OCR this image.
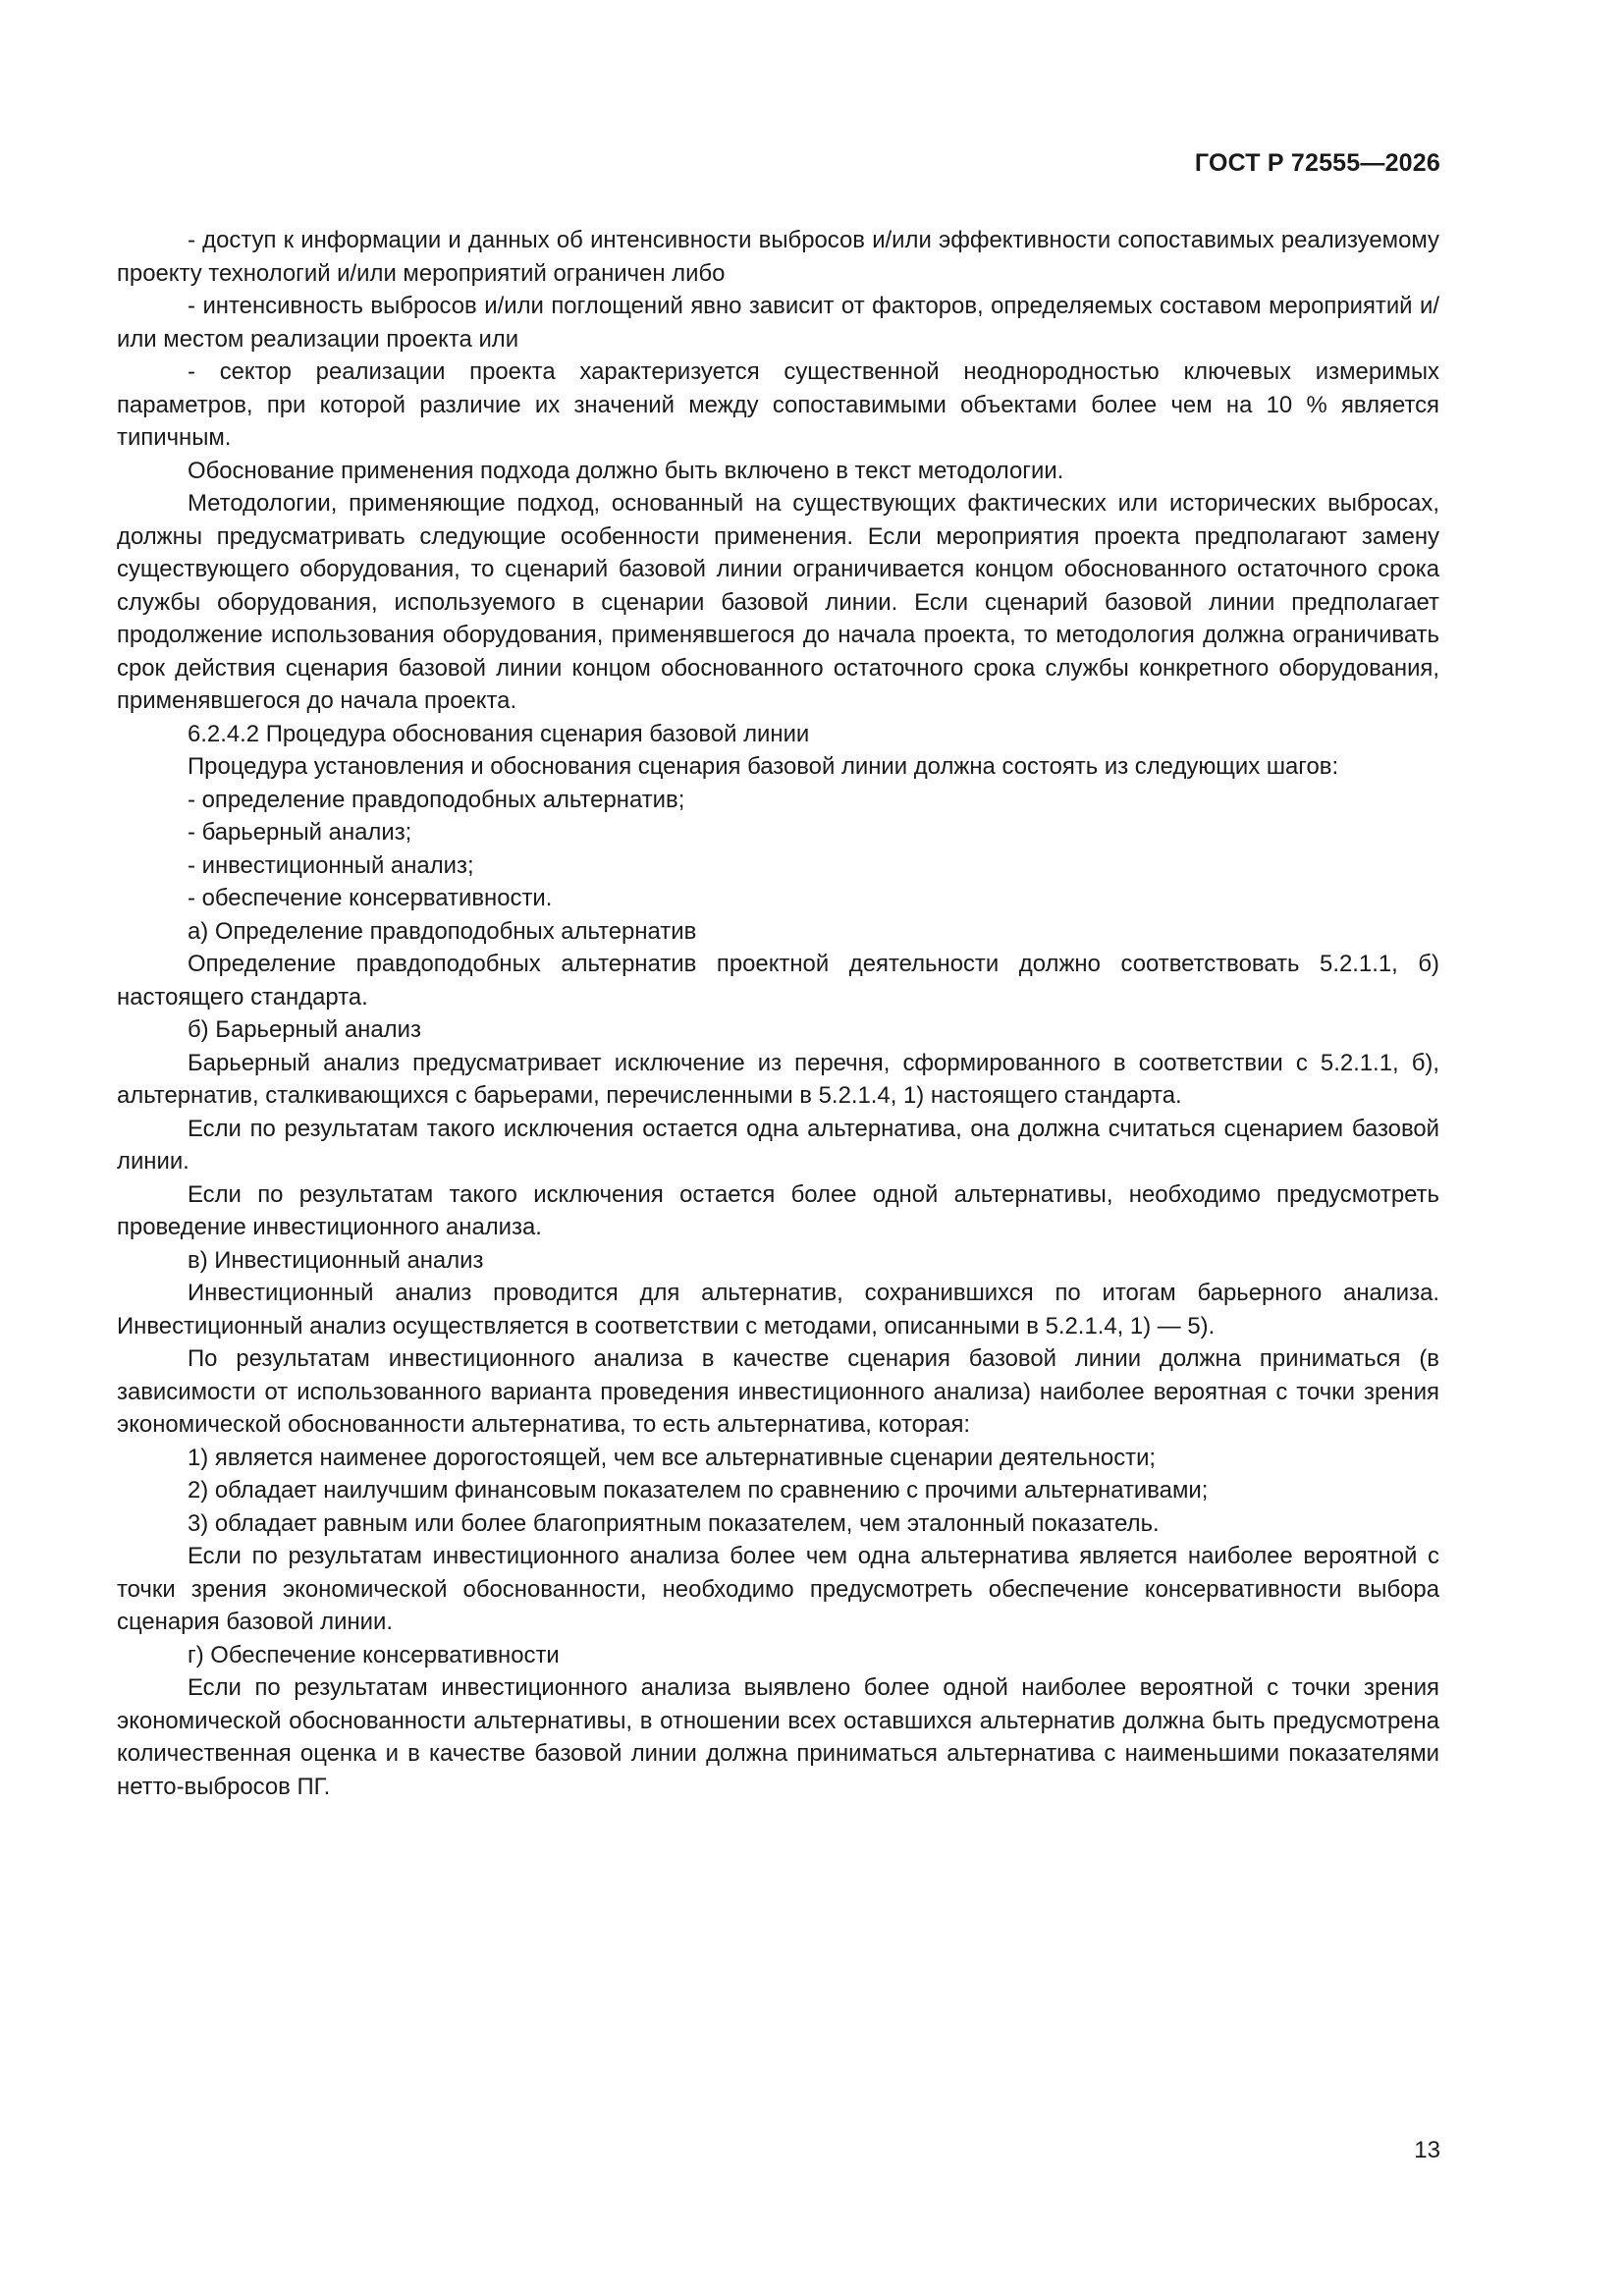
ГОСТ Р 72555—2026

- доступ к информации и данных об интенсивности выбросов и/или эффективности сопоставимых реализуемому проекту технологий и/или мероприятий ограничен либо

- интенсивность выбросов и/или поглощений явно зависит от факторов, определяемых составом мероприятий и/или местом реализации проекта или

- сектор реализации проекта характеризуется существенной неоднородностью ключевых измеримых параметров, при которой различие их значений между сопоставимыми объектами более чем на 10 % является типичным.

Обоснование применения подхода должно быть включено в текст методологии.

Методологии, применяющие подход, основанный на существующих фактических или исторических выбросах, должны предусматривать следующие особенности применения. Если мероприятия проекта предполагают замену существующего оборудования, то сценарий базовой линии ограничивается концом обоснованного остаточного срока службы оборудования, используемого в сценарии базовой линии. Если сценарий базовой линии предполагает продолжение использования оборудования, применявшегося до начала проекта, то методология должна ограничивать срок действия сценария базовой линии концом обоснованного остаточного срока службы конкретного оборудования, применявшегося до начала проекта.

6.2.4.2 Процедура обоснования сценария базовой линии

Процедура установления и обоснования сценария базовой линии должна состоять из следующих шагов:

- определение правдоподобных альтернатив;

- барьерный анализ;

- инвестиционный анализ;

- обеспечение консервативности.

а) Определение правдоподобных альтернатив

Определение правдоподобных альтернатив проектной деятельности должно соответствовать 5.2.1.1, б) настоящего стандарта.

б) Барьерный анализ

Барьерный анализ предусматривает исключение из перечня, сформированного в соответствии с 5.2.1.1, б), альтернатив, сталкивающихся с барьерами, перечисленными в 5.2.1.4, 1) настоящего стандарта.

Если по результатам такого исключения остается одна альтернатива, она должна считаться сценарием базовой линии.

Если по результатам такого исключения остается более одной альтернативы, необходимо предусмотреть проведение инвестиционного анализа.

в) Инвестиционный анализ

Инвестиционный анализ проводится для альтернатив, сохранившихся по итогам барьерного анализа. Инвестиционный анализ осуществляется в соответствии с методами, описанными в 5.2.1.4, 1) — 5).

По результатам инвестиционного анализа в качестве сценария базовой линии должна приниматься (в зависимости от использованного варианта проведения инвестиционного анализа) наиболее вероятная с точки зрения экономической обоснованности альтернатива, то есть альтернатива, которая:

1) является наименее дорогостоящей, чем все альтернативные сценарии деятельности;

2) обладает наилучшим финансовым показателем по сравнению с прочими альтернативами;

3) обладает равным или более благоприятным показателем, чем эталонный показатель.

Если по результатам инвестиционного анализа более чем одна альтернатива является наиболее вероятной с точки зрения экономической обоснованности, необходимо предусмотреть обеспечение консервативности выбора сценария базовой линии.

г) Обеспечение консервативности

Если по результатам инвестиционного анализа выявлено более одной наиболее вероятной с точки зрения экономической обоснованности альтернативы, в отношении всех оставшихся альтернатив должна быть предусмотрена количественная оценка и в качестве базовой линии должна приниматься альтернатива с наименьшими показателями нетто-выбросов ПГ.

13
